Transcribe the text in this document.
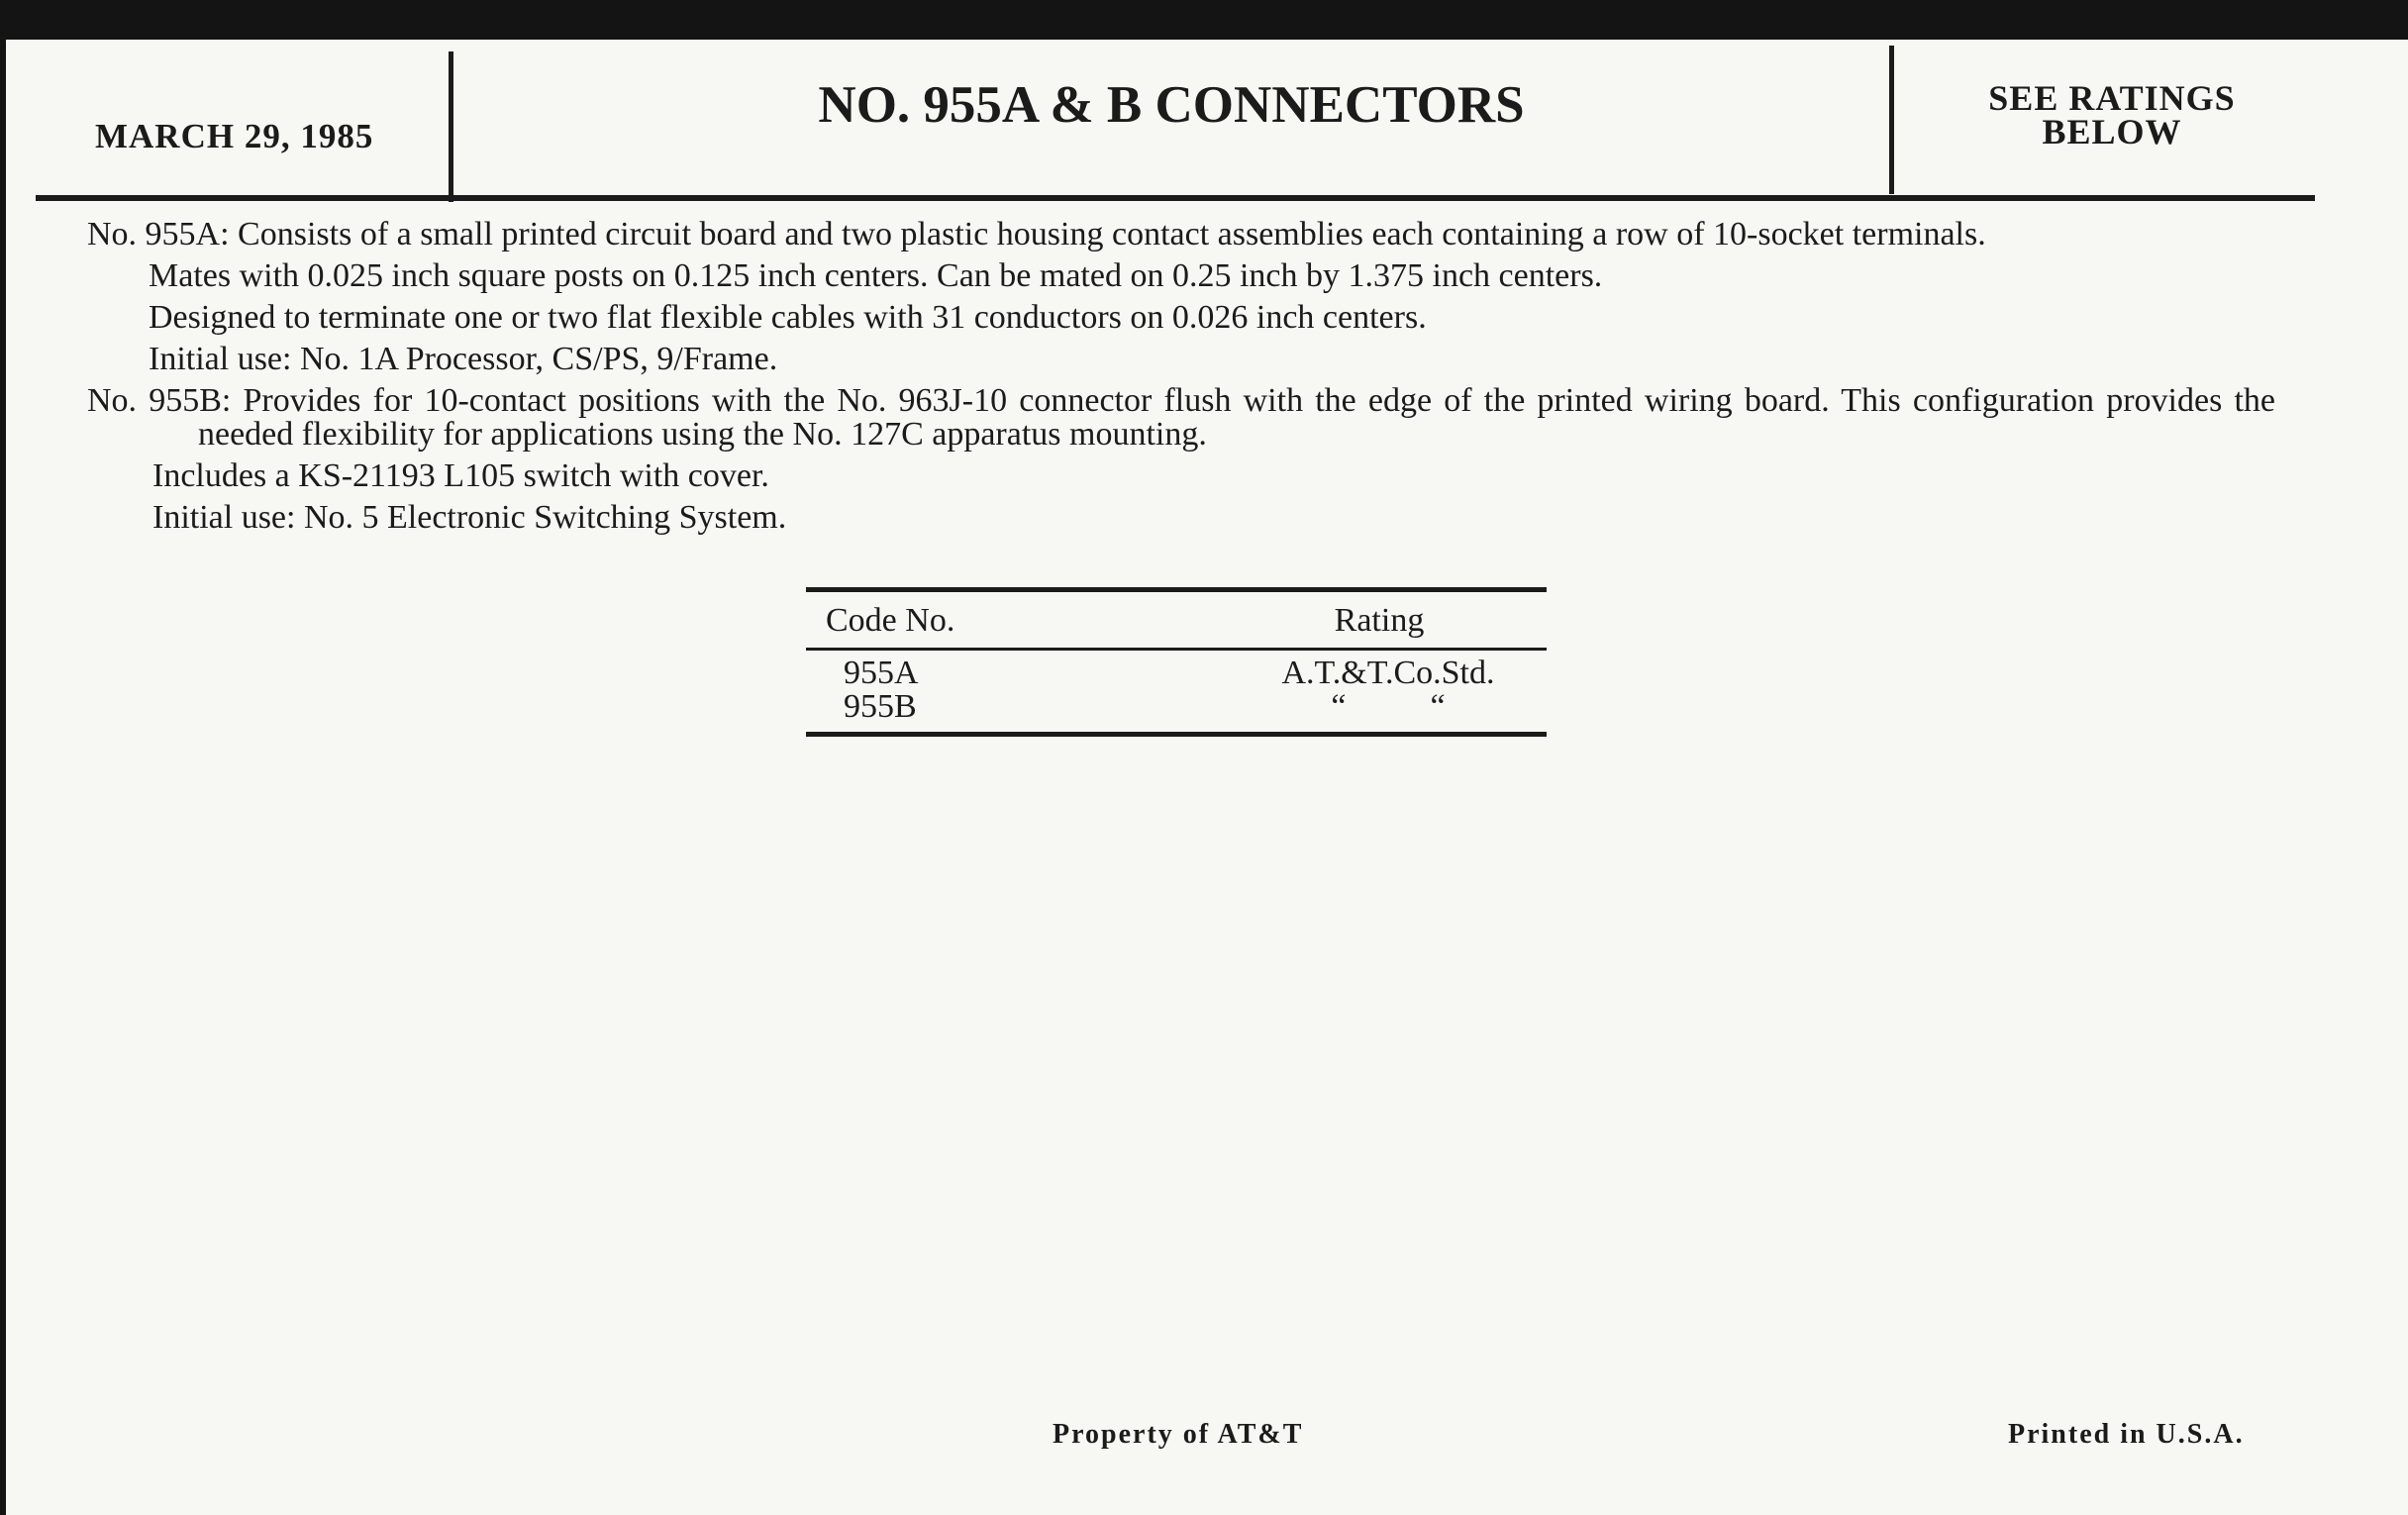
MARCH 29, 1985
NO. 955A & B CONNECTORS	SEE RATINGS
BELOW

No. 955A: Consists of a small printed circuit board and two plastic housing contact assemblies each containing a row of 10-socket terminals.

Mates with 0.025 inch square posts on 0.125 inch centers. Can be mated on 0.25 inch by 1.375 inch centers.

Designed to terminate one or two flat flexible cables with 31 conductors on 0.026 inch centers.

Initial use: No. 1A Processor, CS/PS, 9/Frame.

No. 955B: Provides for 10-contact positions with the No. 963J-10 connector flush with the edge of the printed wiring board. This configuration provides the needed flexibility for applications using the No. 127C apparatus mounting.

Includes a KS-21193 L105 switch with cover.

Initial use: No. 5 Electronic Switching System.

Code No.	Rating
955A	A.T.&T.Co.Std.
955B	“          “
Property of AT&T	Printed in U.S.A.
